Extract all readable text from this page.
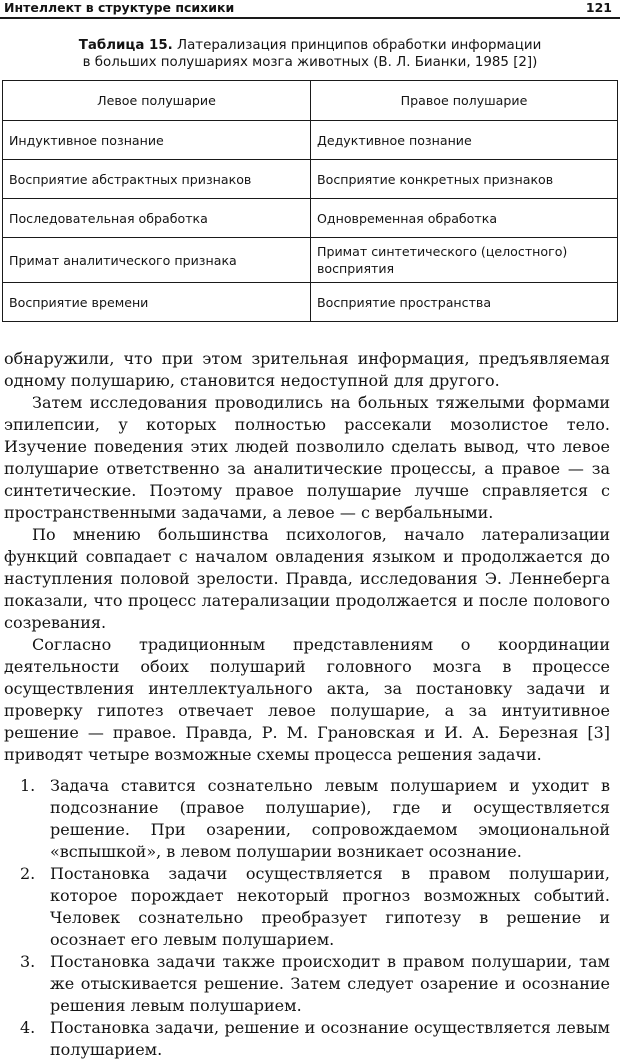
Интеллект в структуре психики	121
Таблица 15. Латерализация принципов обработки информации
в больших полушариях мозга животных (В. Л. Бианки, 1985 [2])
Левое полушарие	Правое полушарие
Индуктивное познание	Дедуктивное познание
Восприятие абстрактных признаков	Восприятие конкретных признаков
Последовательная обработка	Одновременная обработка
Примат аналитического признака	Примат синтетического (целостного) восприятия
Восприятие времени	Восприятие пространства

обнаружили, что при этом зрительная информация, предъявляемая одному полушарию, становится недоступной для другого.

Затем исследования проводились на больных тяжелыми формами эпилепсии, у которых полностью рассекали мозолистое тело. Изучение поведения этих людей позволило сделать вывод, что левое полушарие ответственно за аналитические процессы, а правое — за синтетические. Поэтому правое полушарие лучше справляется с пространственными задачами, а левое — с вербальными.

По мнению большинства психологов, начало латерализации функций совпадает с началом овладения языком и продолжается до наступления половой зрелости. Правда, исследования Э. Леннеберга показали, что процесс латерализации продолжается и после полового созревания.

Согласно традиционным представлениям о координации деятельности обоих полушарий головного мозга в процессе осуществления интеллектуального акта, за постановку задачи и проверку гипотез отвечает левое полушарие, а за интуитивное решение — правое. Правда, Р. М. Грановская и И. А. Березная [3] приводят четыре возможные схемы процесса решения задачи.

1. Задача ставится сознательно левым полушарием и уходит в подсознание (правое полушарие), где и осуществляется решение. При озарении, сопровождаемом эмоциональной «вспышкой», в левом полушарии возникает осознание.
2. Постановка задачи осуществляется в правом полушарии, которое порождает некоторый прогноз возможных событий. Человек сознательно преобразует гипотезу в решение и осознает его левым полушарием.
3. Постановка задачи также происходит в правом полушарии, там же отыскивается решение. Затем следует озарение и осознание решения левым полушарием.
4. Постановка задачи, решение и осознание осуществляется левым полушарием.
